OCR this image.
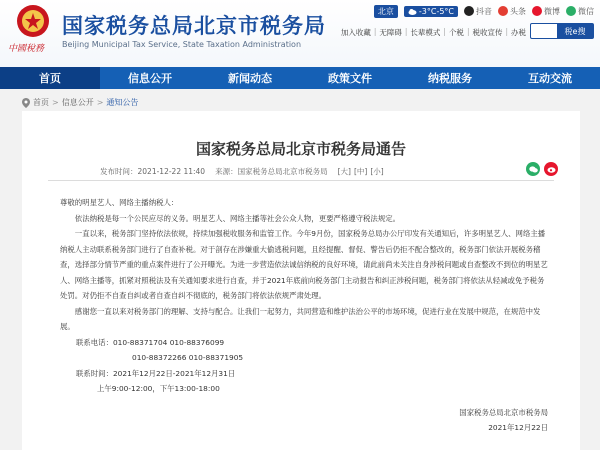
中國稅務
国家税务总局北京市税务局
Beijing Municipal Tax Service, State Taxation Administration
北京	-3°C-5°C	抖音 头条 微博 微信
加入收藏 | 无障碍 | 长辈模式 | 个税 | 税收宣传 | 办税	税e搜
首页	信息公开	新闻动态	政策文件	纳税服务	互动交流
首页 > 信息公开 > 通知公告
国家税务总局北京市税务局通告
发布时间：2021-12-22 11:40 来源：国家税务总局北京市税务局 [大] [中] [小]

尊敬的明星艺人、网络主播纳税人：

依法纳税是每一个公民应尽的义务。明星艺人、网络主播等社会公众人物，更要严格遵守税法规定。

一直以来，税务部门坚持依法依规，持续加强税收服务和监管工作。今年9月份，国家税务总局办公厅印发有关通知后，许多明星艺人、网络主播纳税人主动联系税务部门进行了自查补税。对于剖存在涉嫌重大偷逃税问题，且经提醒、督促、警告后仍拒不配合整改的，税务部门依法开展税务稽查，选择部分情节严重的重点案件进行了公开曝光。为进一步营造依法诚信纳税的良好环境，请此前尚未关注自身涉税问题或自查整改不到位的明星艺人、网络主播等，抓紧对照税法及有关通知要求进行自查，并于2021年底前向税务部门主动报告和纠正涉税问题，税务部门将依法从轻减或免予税务处罚。对仍拒不自查自纠或者自查自纠不彻底的，税务部门将依法依规严肃处理。

感谢您一直以来对税务部门的理解、支持与配合。让我们一起努力，共同营造和维护法治公平的市场环境，促进行业在发展中规范，在规范中发展。

联系电话：010-88371704 010-88376099

010-88372266 010-88371905

联系时间：2021年12月22日-2021年12月31日

上午9:00-12:00，下午13:00-18:00

国家税务总局北京市税务局

2021年12月22日
